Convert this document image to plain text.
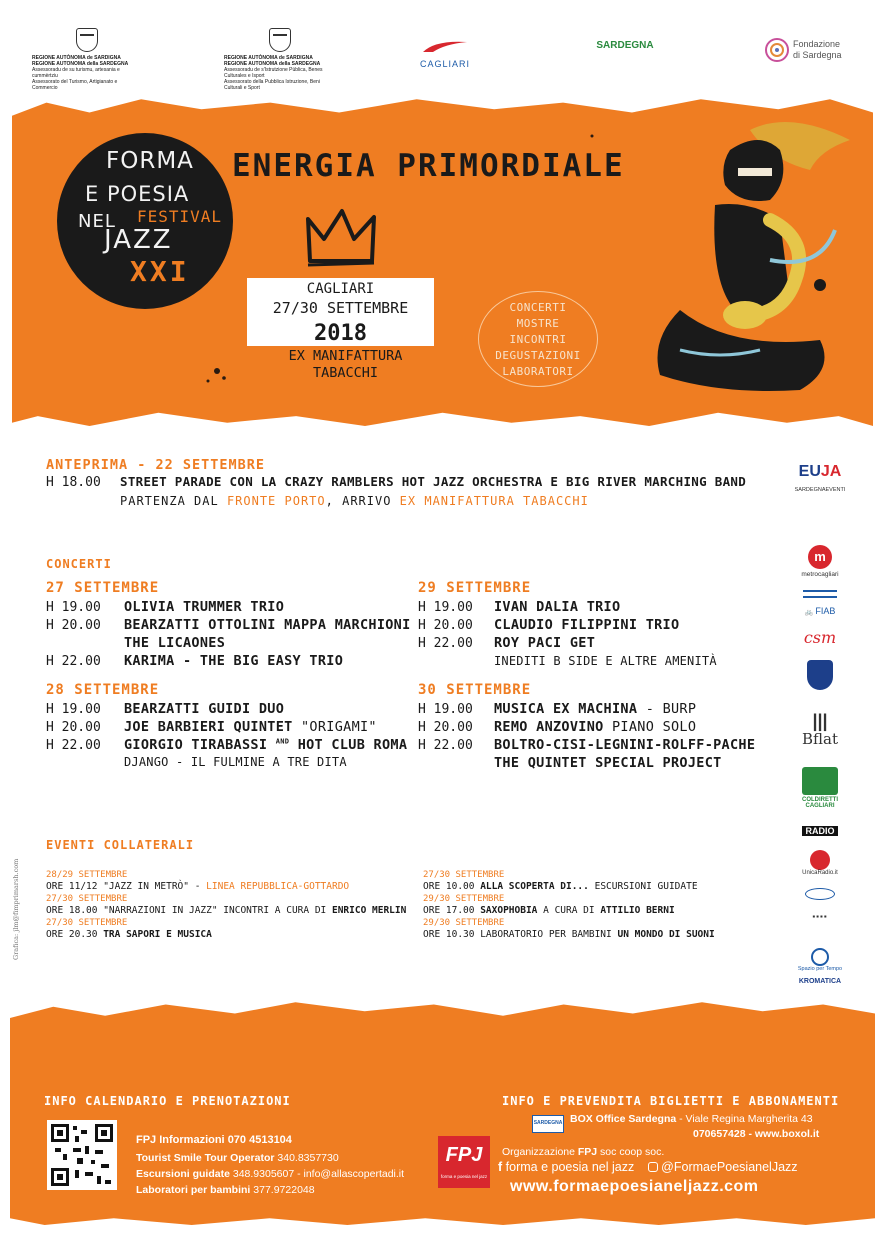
REGIONE AUTÒNOMA de SARDIGNA
REGIONE AUTONOMA della SARDEGNA
Assessoradu de su turismu, artesania e cummèrtziu
Assessorato del Turismo, Artigianato e Commercio
REGIONE AUTÒNOMA de SARDIGNA
REGIONE AUTONOMA della SARDEGNA
Assessoradu de s'Istrutzione Pùblica, Benes Culturales e Isport
Assessorato della Pubblica Istruzione, Beni Culturali e Sport
CAGLIARI
SARDEGNA	Fondazione
di Sardegna
FORMA
E POESIA
NEL FESTIVAL
JAZZ
XXI
ENERGIA PRIMORDIALE
CAGLIARI
27/30 SETTEMBRE
2018
EX MANIFATTURA
TABACCHI
CONCERTI
MOSTRE
INCONTRI
DEGUSTAZIONI
LABORATORI
ANTEPRIMA - 22 SETTEMBRE
H 18.00 STREET PARADE CON LA CRAZY RAMBLERS HOT JAZZ ORCHESTRA E BIG RIVER MARCHING BAND
PARTENZA DAL FRONTE PORTO, ARRIVO EX MANIFATTURA TABACCHI
CONCERTI
27 SETTEMBRE
H 19.00 OLIVIA TRUMMER TRIO
H 20.00 BEARZATTI OTTOLINI MAPPA MARCHIONI
THE LICAONES
H 22.00 KARIMA - THE BIG EASY TRIO
28 SETTEMBRE
H 19.00 BEARZATTI GUIDI DUO
H 20.00 JOE BARBIERI QUINTET "ORIGAMI"
H 22.00 GIORGIO TIRABASSI $^{AND}$ HOT CLUB ROMA
DJANGO - IL FULMINE A TRE DITA
29 SETTEMBRE
H 19.00 IVAN DALIA TRIO
H 20.00 CLAUDIO FILIPPINI TRIO
H 22.00 ROY PACI GET
INEDITI B SIDE E ALTRE AMENITÀ
30 SETTEMBRE
H 19.00 MUSICA EX MACHINA - BURP
H 20.00 REMO ANZOVINO PIANO SOLO
H 22.00 BOLTRO-CISI-LEGNINI-ROLFF-PACHE
THE QUINTET SPECIAL PROJECT
EVENTI COLLATERALI
28/29 SETTEMBRE
ORE 11/12 "JAZZ IN METRÒ" - LINEA REPUBBLICA-GOTTARDO
27/30 SETTEMBRE
ORE 18.00 "NARRAZIONI IN JAZZ" INCONTRI A CURA DI ENRICO MERLIN
27/30 SETTEMBRE
ORE 20.30 TRA SAPORI E MUSICA
27/30 SETTEMBRE
ORE 10.00 ALLA SCOPERTA DI... ESCURSIONI GUIDATE
29/30 SETTEMBRE
ORE 17.00 SAXOPHOBIA A CURA DI ATTILIO BERNI
29/30 SETTEMBRE
ORE 10.30 LABORATORIO PER BAMBINI UN MONDO DI SUONI
Grafica: jlm@fimprimarsh.com
EUJA
SARDEGNAEVENTI
m
metrocagliari
🚲 FIAB
csm
|||
Bflat
COLDIRETTI
CAGLIARI
RADIO
UnicaRadio.it
▪▪▪▪
Spazio per Tempo
KROMATICA
INFO CALENDARIO E PRENOTAZIONI	INFO E PREVENDITA BIGLIETTI E ABBONAMENTI
FPJ Informazioni 070 4513104
Tourist Smile Tour Operator 340.8357730
Escursioni guidate 348.9305607 - info@allascopertadi.it
Laboratori per bambini 377.9722048
SARDEGNA BOX Office Sardegna - Viale Regina Margherita 43
070657428 - www.boxol.it
FPJ
forma e poesia nel jazz
Organizzazione FPJ soc coop soc.
f forma e poesia nel jazz @FormaePoesianelJazz
www.formaepoesianeljazz.com
